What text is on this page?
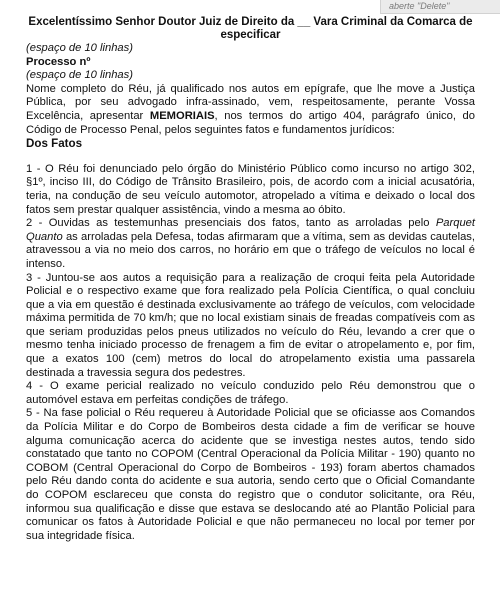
aberte "Delete"

Excelentíssimo Senhor Doutor Juiz de Direito da __ Vara Criminal da Comarca de especificar

(espaço de 10 linhas)

Processo nº

(espaço de 10 linhas)

Nome completo do Réu, já qualificado nos autos em epígrafe, que lhe move a Justiça Pública, por seu advogado infra-assinado, vem, respeitosamente, perante Vossa Excelência, apresentar MEMORIAIS, nos termos do artigo 404, parágrafo único, do Código de Processo Penal, pelos seguintes fatos e fundamentos jurídicos:

Dos Fatos

1 - O Réu foi denunciado pelo órgão do Ministério Público como incurso no artigo 302, §1º, inciso III, do Código de Trânsito Brasileiro, pois, de acordo com a inicial acusatória, teria, na condução de seu veículo automotor, atropelado a vítima e deixado o local dos fatos sem prestar qualquer assistência, vindo a mesma ao óbito.

2 - Ouvidas as testemunhas presenciais dos fatos, tanto as arroladas pelo Parquet Quanto as arroladas pela Defesa, todas afirmaram que a vítima, sem as devidas cautelas, atravessou a via no meio dos carros, no horário em que o tráfego de veículos no local é intenso.

3 - Juntou-se aos autos a requisição para a realização de croqui feita pela Autoridade Policial e o respectivo exame que fora realizado pela Polícia Científica, o qual concluiu que a via em questão é destinada exclusivamente ao tráfego de veículos, com velocidade máxima permitida de 70 km/h; que no local existiam sinais de freadas compatíveis com as que seriam produzidas pelos pneus utilizados no veículo do Réu, levando a crer que o mesmo tenha iniciado processo de frenagem a fim de evitar o atropelamento e, por fim, que a exatos 100 (cem) metros do local do atropelamento existia uma passarela destinada a travessia segura dos pedestres.

4 - O exame pericial realizado no veículo conduzido pelo Réu demonstrou que o automóvel estava em perfeitas condições de tráfego.

5 - Na fase policial o Réu requereu à Autoridade Policial que se oficiasse aos Comandos da Polícia Militar e do Corpo de Bombeiros desta cidade a fim de verificar se houve alguma comunicação acerca do acidente que se investiga nestes autos, tendo sido constatado que tanto no COPOM (Central Operacional da Polícia Militar - 190) quanto no COBOM (Central Operacional do Corpo de Bombeiros - 193) foram abertos chamados pelo Réu dando conta do acidente e sua autoria, sendo certo que o Oficial Comandante do COPOM esclareceu que consta do registro que o condutor solicitante, ora Réu, informou sua qualificação e disse que estava se deslocando até ao Plantão Policial para comunicar os fatos à Autoridade Policial e que não permaneceu no local por temer por sua integridade física.
